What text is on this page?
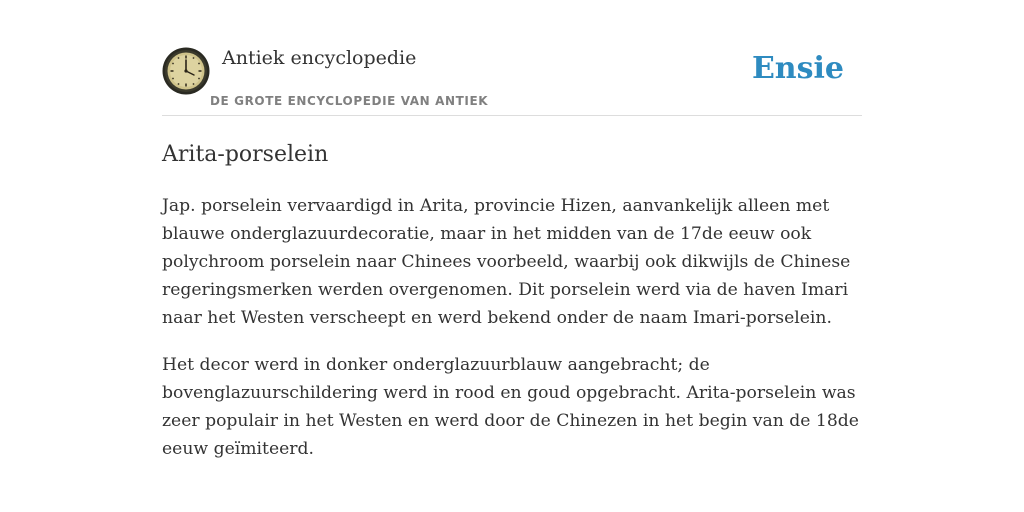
Antiek encyclopedie
DE GROTE ENCYCLOPEDIE VAN ANTIEK
Ensie
Arita-porselein

Jap. porselein vervaardigd in Arita, provincie Hizen, aanvankelijk alleen met
blauwe onderglazuurdecoratie, maar in het midden van de 17de eeuw ook
polychroom porselein naar Chinees voorbeeld, waarbij ook dikwijls de Chinese
regeringsmerken werden overgenomen. Dit porselein werd via de haven Imari
naar het Westen verscheept en werd bekend onder de naam Imari-porselein.

Het decor werd in donker onderglazuurblauw aangebracht; de
bovenglazuurschildering werd in rood en goud opgebracht. Arita-porselein was
zeer populair in het Westen en werd door de Chinezen in het begin van de 18de
eeuw geïmiteerd.
